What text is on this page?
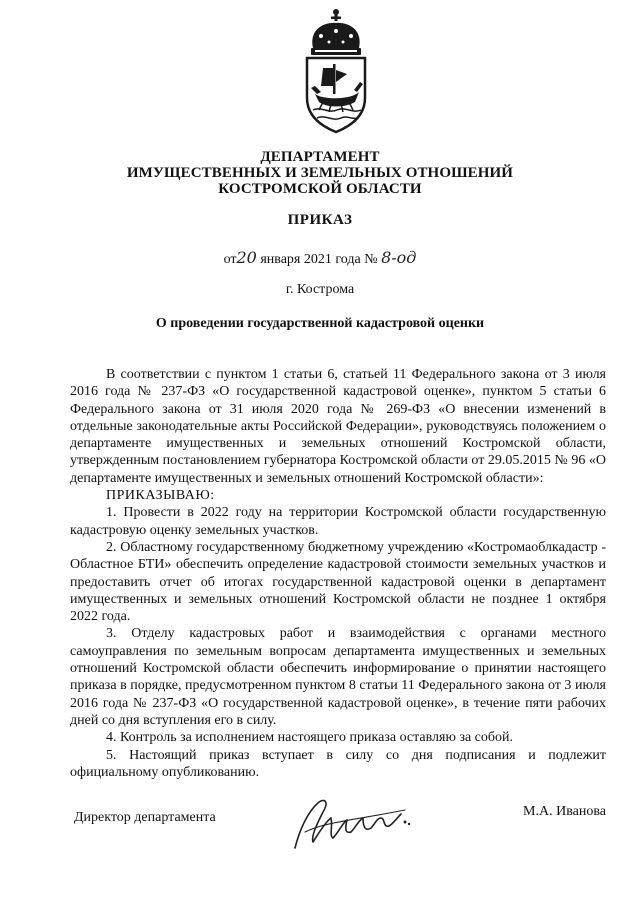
ДЕПАРТАМЕНТ
ИМУЩЕСТВЕННЫХ И ЗЕМЕЛЬНЫХ ОТНОШЕНИЙ
КОСТРОМСКОЙ ОБЛАСТИ
ПРИКАЗ
от20 января 2021 года № 8-од
г. Кострома
О проведении государственной кадастровой оценки

В соответствии с пунктом 1 статьи 6, статьей 11 Федерального закона от 3 июля 2016 года № 237-ФЗ «О государственной кадастровой оценке», пунктом 5 статьи 6 Федерального закона от 31 июля 2020 года № 269-ФЗ «О внесении изменений в отдельные законодательные акты Российской Федерации», руководствуясь положением о департаменте имущественных и земельных отношений Костромской области, утвержденным постановлением губернатора Костромской области от 29.05.2015 № 96 «О департаменте имущественных и земельных отношений Костромской области»:

ПРИКАЗЫВАЮ:

1. Провести в 2022 году на территории Костромской области государственную кадастровую оценку земельных участков.

2. Областному государственному бюджетному учреждению «Костромаоблкадастр - Областное БТИ» обеспечить определение кадастровой стоимости земельных участков и предоставить отчет об итогах государственной кадастровой оценки в департамент имущественных и земельных отношений Костромской области не позднее 1 октября 2022 года.

3. Отделу кадастровых работ и взаимодействия с органами местного самоуправления по земельным вопросам департамента имущественных и земельных отношений Костромской области обеспечить информирование о принятии настоящего приказа в порядке, предусмотренном пунктом 8 статьи 11 Федерального закона от 3 июля 2016 года № 237-ФЗ «О государственной кадастровой оценке», в течение пяти рабочих дней со дня вступления его в силу.

4. Контроль за исполнением настоящего приказа оставляю за собой.

5. Настоящий приказ вступает в силу со дня подписания и подлежит официальному опубликованию.

Директор департамента	М.А. Иванова
